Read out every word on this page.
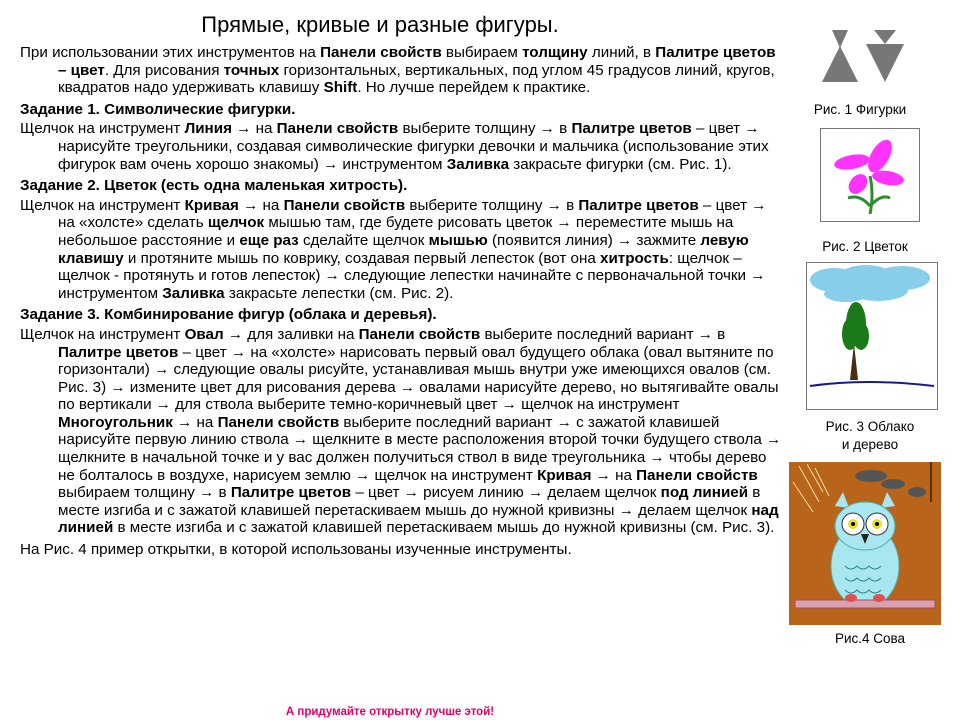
Прямые, кривые и разные фигуры.

При использовании этих инструментов на Панели свойств выбираем толщину линий, в Палитре цветов – цвет. Для рисования точных горизонтальных, вертикальных, под углом 45 градусов линий, кругов, квадратов надо удерживать клавишу Shift. Но лучше перейдем к практике.

Задание 1. Символические фигурки.

Щелчок на инструмент Линия → на Панели свойств выберите толщину → в Палитре цветов – цвет → нарисуйте треугольники, создавая символические фигурки девочки и мальчика (использование этих фигурок вам очень хорошо знакомы) → инструментом Заливка закрасьте фигурки (см. Рис. 1).

Задание 2. Цветок (есть одна маленькая хитрость).

Щелчок на инструмент Кривая → на Панели свойств выберите толщину → в Палитре цветов – цвет → на «холсте» сделать щелчок мышью там, где будете рисовать цветок → переместите мышь на небольшое расстояние и еще раз сделайте щелчок мышью (появится линия) → зажмите левую клавишу и протяните мышь по коврику, создавая первый лепесток (вот она хитрость: щелчок – щелчок - протянуть и готов лепесток) → следующие лепестки начинайте с первоначальной точки → инструментом Заливка закрасьте лепестки (см. Рис. 2).

Задание 3. Комбинирование фигур (облака и деревья).

Щелчок на инструмент Овал → для заливки на Панели свойств выберите последний вариант → в Палитре цветов – цвет → на «холсте» нарисовать первый овал будущего облака (овал вытяните по горизонтали) → следующие овалы рисуйте, устанавливая мышь внутри уже имеющихся овалов (см. Рис. 3) → измените цвет для рисования дерева → овалами нарисуйте дерево, но вытягивайте овалы по вертикали → для ствола выберите темно-коричневый цвет → щелчок на инструмент Многоугольник → на Панели свойств выберите последний вариант → с зажатой клавишей нарисуйте первую линию ствола → щелкните в месте расположения второй точки будущего ствола → щелкните в начальной точке и у вас должен получиться ствол в виде треугольника → чтобы дерево не болталось в воздухе, нарисуем землю → щелчок на инструмент Кривая → на Панели свойств выбираем толщину → в Палитре цветов – цвет → рисуем линию → делаем щелчок под линией в месте изгиба и с зажатой клавишей перетаскиваем мышь до нужной кривизны → делаем щелчок над линией в месте изгиба и с зажатой клавишей перетаскиваем мышь до нужной кривизны (см. Рис. 3).

На Рис. 4 пример открытки, в которой использованы изученные инструменты.

А придумайте открытку лучше этой!
Рис. 1 Фигурки
Рис. 2 Цветок
Рис. 3 Облако
и дерево
Рис.4 Сова
